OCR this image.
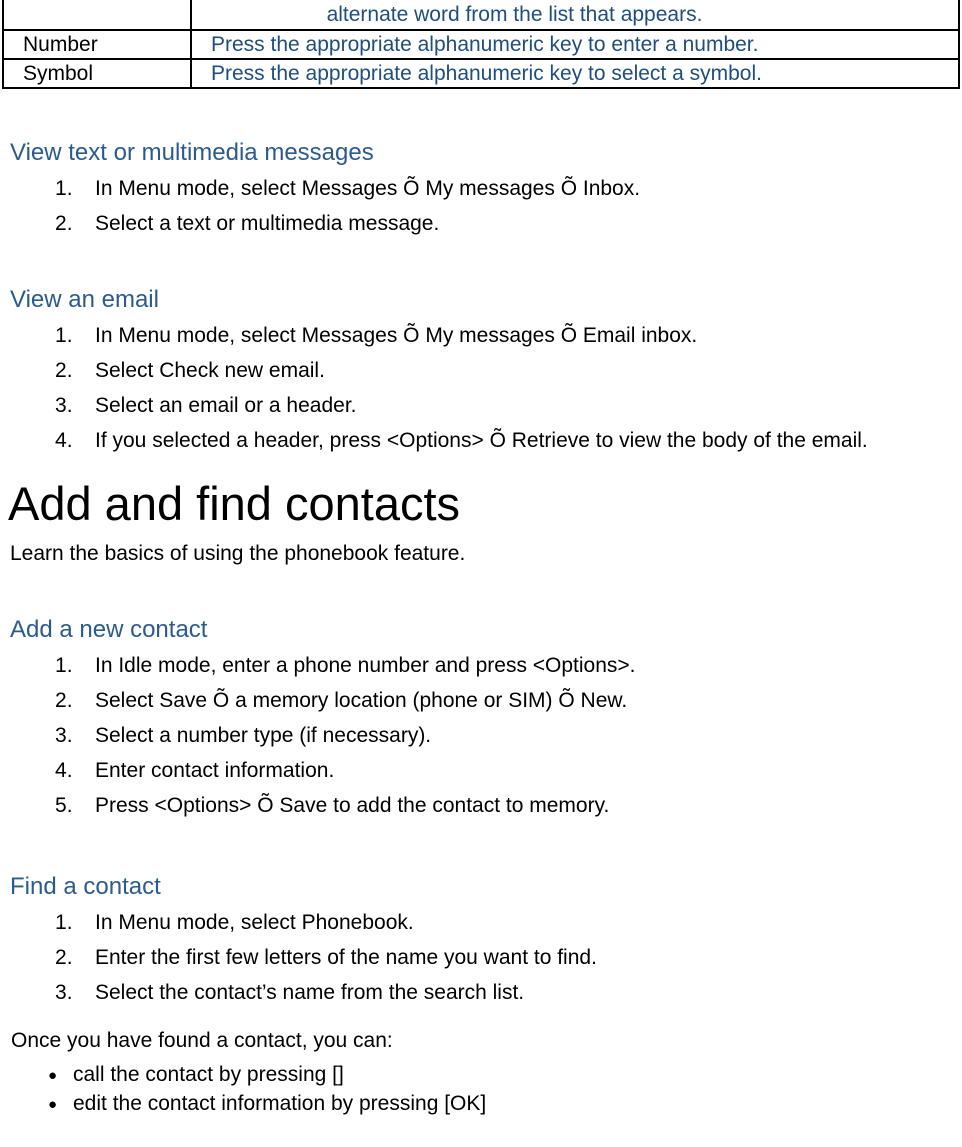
	alternate word from the list that appears.
Number	Press the appropriate alphanumeric key to enter a number.
Symbol	Press the appropriate alphanumeric key to select a symbol.
View text or multimedia messages
In Menu mode, select Messages Õ My messages Õ Inbox.
Select a text or multimedia message.
View an email
In Menu mode, select Messages Õ My messages Õ Email inbox.
Select Check new email.
Select an email or a header.
If you selected a header, press <Options> Õ Retrieve to view the body of the email.
Add and find contacts
Learn the basics of using the phonebook feature.
Add a new contact
In Idle mode, enter a phone number and press <Options>.
Select Save Õ a memory location (phone or SIM) Õ New.
Select a number type (if necessary).
Enter contact information.
Press <Options> Õ Save to add the contact to memory.
Find a contact
In Menu mode, select Phonebook.
Enter the first few letters of the name you want to find.
Select the contact’s name from the search list.
Once you have found a contact, you can:
● call the contact by pressing []
● edit the contact information by pressing [OK]
